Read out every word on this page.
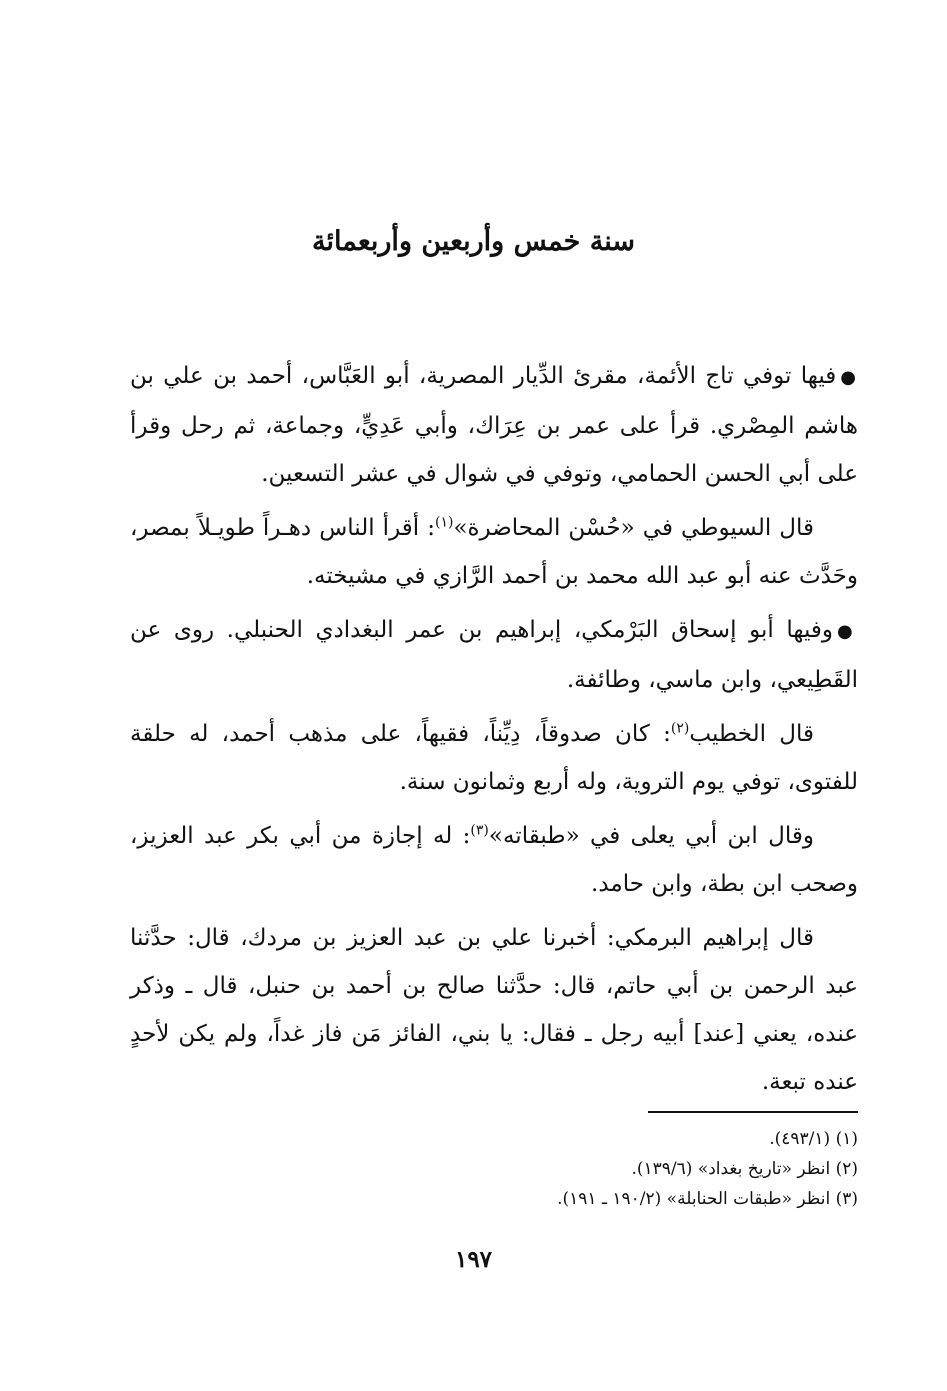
سنة خمس وأربعين وأربعمائة

●فيها توفي تاج الأئمة، مقرئ الدِّيار المصرية، أبو العَبَّاس، أحمد بن علي بن هاشم المِصْري. قرأ على عمر بن عِرَاك، وأبي عَدِيٍّ، وجماعة، ثم رحل وقرأ على أبي الحسن الحمامي، وتوفي في شوال في عشر التسعين.

قال السيوطي في «حُسْن المحاضرة»$^{(١)}$: أقرأ الناس دهـراً طويـلاً بمصر، وحَدَّث عنه أبو عبد الله محمد بن أحمد الرَّازي في مشيخته.

●وفيها أبو إسحاق البَرْمكي، إبراهيم بن عمر البغدادي الحنبلي. روى عن القَطِيعي، وابن ماسي، وطائفة.

قال الخطيب$^{(٢)}$: كان صدوقاً، دِيِّناً، فقيهاً، على مذهب أحمد، له حلقة للفتوى، توفي يوم التروية، وله أربع وثمانون سنة.

وقال ابن أبي يعلى في «طبقاته»$^{(٣)}$: له إجازة من أبي بكر عبد العزيز، وصحب ابن بطة، وابن حامد.

قال إبراهيم البرمكي: أخبرنا علي بن عبد العزيز بن مردك، قال: حدَّثنا عبد الرحمن بن أبي حاتم، قال: حدَّثنا صالح بن أحمد بن حنبل، قال ـ وذكر عنده، يعني [عند] أبيه رجل ـ فقال: يا بني، الفائز مَن فاز غداً، ولم يكن لأحدٍ عنده تبعة.

(١) (٤٩٣/١).

(٢) انظر «تاريخ بغداد» (١٣٩/٦).

(٣) انظر «طبقات الحنابلة» (١٩٠/٢ ـ ١٩١).

١٩٧
